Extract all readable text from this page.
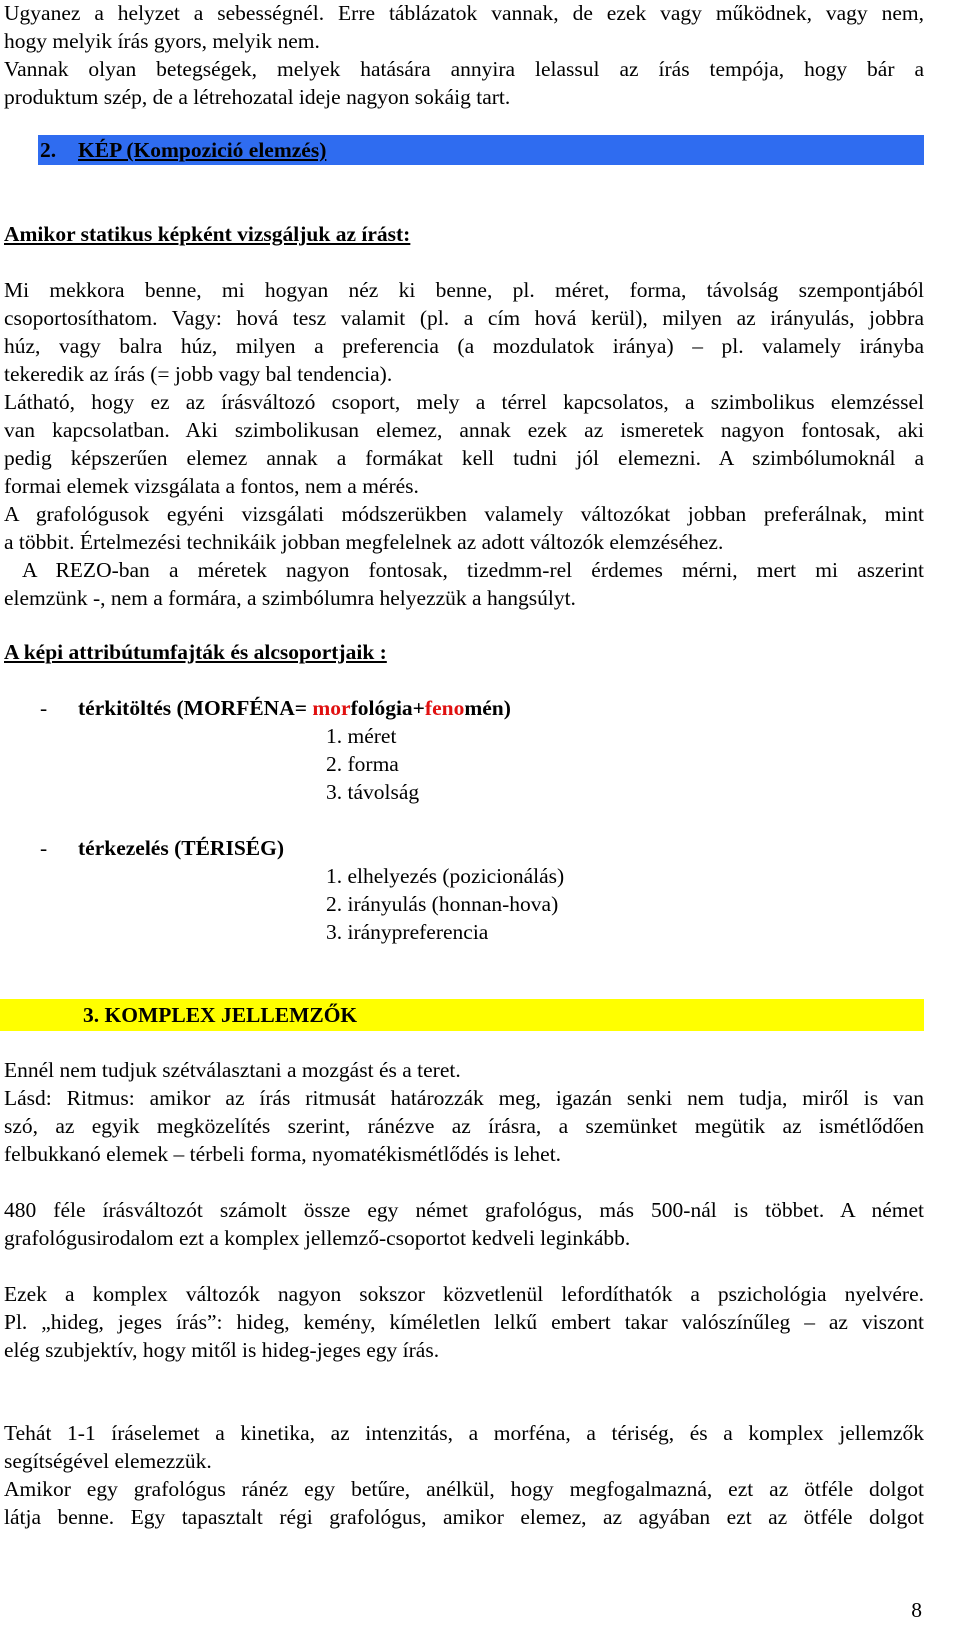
Ugyanez a helyzet a sebességnél. Erre táblázatok vannak, de ezek vagy működnek, vagy nem,

hogy melyik írás gyors, melyik nem.

Vannak olyan betegségek, melyek hatására annyira lelassul az írás tempója, hogy bár a

produktum szép, de a létrehozatal ideje nagyon sokáig tart.

2. KÉP (Kompozició elemzés)
Amikor statikus képként vizsgáljuk az írást:

Mi mekkora benne, mi hogyan néz ki benne, pl. méret, forma, távolság szempontjából

csoportosíthatom. Vagy: hová tesz valamit (pl. a cím hová kerül), milyen az irányulás, jobbra

húz, vagy balra húz, milyen a preferencia (a mozdulatok iránya) – pl. valamely irányba

tekeredik az írás (= jobb vagy bal tendencia).

Látható, hogy ez az írásváltozó csoport, mely a térrel kapcsolatos, a szimbolikus elemzéssel

van kapcsolatban. Aki szimbolikusan elemez, annak ezek az ismeretek nagyon fontosak, aki

pedig képszerűen elemez annak a formákat kell tudni jól elemezni. A szimbólumoknál a

formai elemek vizsgálata a fontos, nem a mérés.

A grafológusok egyéni vizsgálati módszerükben valamely változókat jobban preferálnak, mint

a többit. Értelmezési technikáik jobban megfelelnek az adott változók elemzéséhez.

A REZO-ban a méretek nagyon fontosak, tizedmm-rel érdemes mérni, mert mi aszerint

elemzünk -, nem a formára, a szimbólumra helyezzük a hangsúlyt.

A képi attribútumfajták és alcsoportjaik :
- térkitöltés (MORFÉNA= morfológia+fenomén)
1. méret
2. forma
3. távolság
- térkezelés (TÉRISÉG)
1. elhelyezés (pozicionálás)
2. irányulás (honnan-hova)
3. iránypreferencia
3. KOMPLEX JELLEMZŐK

Ennél nem tudjuk szétválasztani a mozgást és a teret.

Lásd: Ritmus: amikor az írás ritmusát határozzák meg, igazán senki nem tudja, miről is van

szó, az egyik megközelítés szerint, ránézve az írásra, a szemünket megütik az ismétlődően

felbukkanó elemek – térbeli forma, nyomatékismétlődés is lehet.

480 féle írásváltozót számolt össze egy német grafológus, más 500-nál is többet. A német

grafológusirodalom ezt a komplex jellemző-csoportot kedveli leginkább.

Ezek a komplex változók nagyon sokszor közvetlenül lefordíthatók a pszichológia nyelvére.

Pl. „hideg, jeges írás”: hideg, kemény, kíméletlen lelkű embert takar valószínűleg – az viszont

elég szubjektív, hogy mitől is hideg-jeges egy írás.

Tehát 1-1 íráselemet a kinetika, az intenzitás, a morféna, a tériség, és a komplex jellemzők

segítségével elemezzük.

Amikor egy grafológus ránéz egy betűre, anélkül, hogy megfogalmazná, ezt az ötféle dolgot

látja benne. Egy tapasztalt régi grafológus, amikor elemez, az agyában ezt az ötféle dolgot

8
